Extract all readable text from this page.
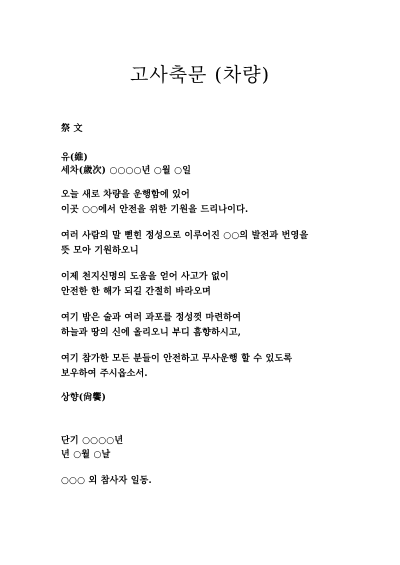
고사축문 (차량)
祭 文
유(維)
세차(歲次) ○○○○년 ○월 ○일
오늘 새로 차량을 운행함에 있어
이곳 ○○에서 안전을 위한 기원을 드리나이다.
여러 사람의 말 뻗힌 정성으로 이루어진 ○○의 발전과 번영을
뜻 모아 기원하오니
이제 천지신명의 도움을 얻어 사고가 없이
안전한 한 해가 되길 간절히 바라오며
여기 밤은 술과 여러 과포를 정성껏 마련하여
하늘과 땅의 신에 올리오니 부디 흠향하시고,
여기 참가한 모든 분들이 안전하고 무사운행 할 수 있도록
보우하여 주시옵소서.
상향(尙饗)
단기 ○○○○년
년 ○월 ○날
○○○ 외 참사자 일동.
